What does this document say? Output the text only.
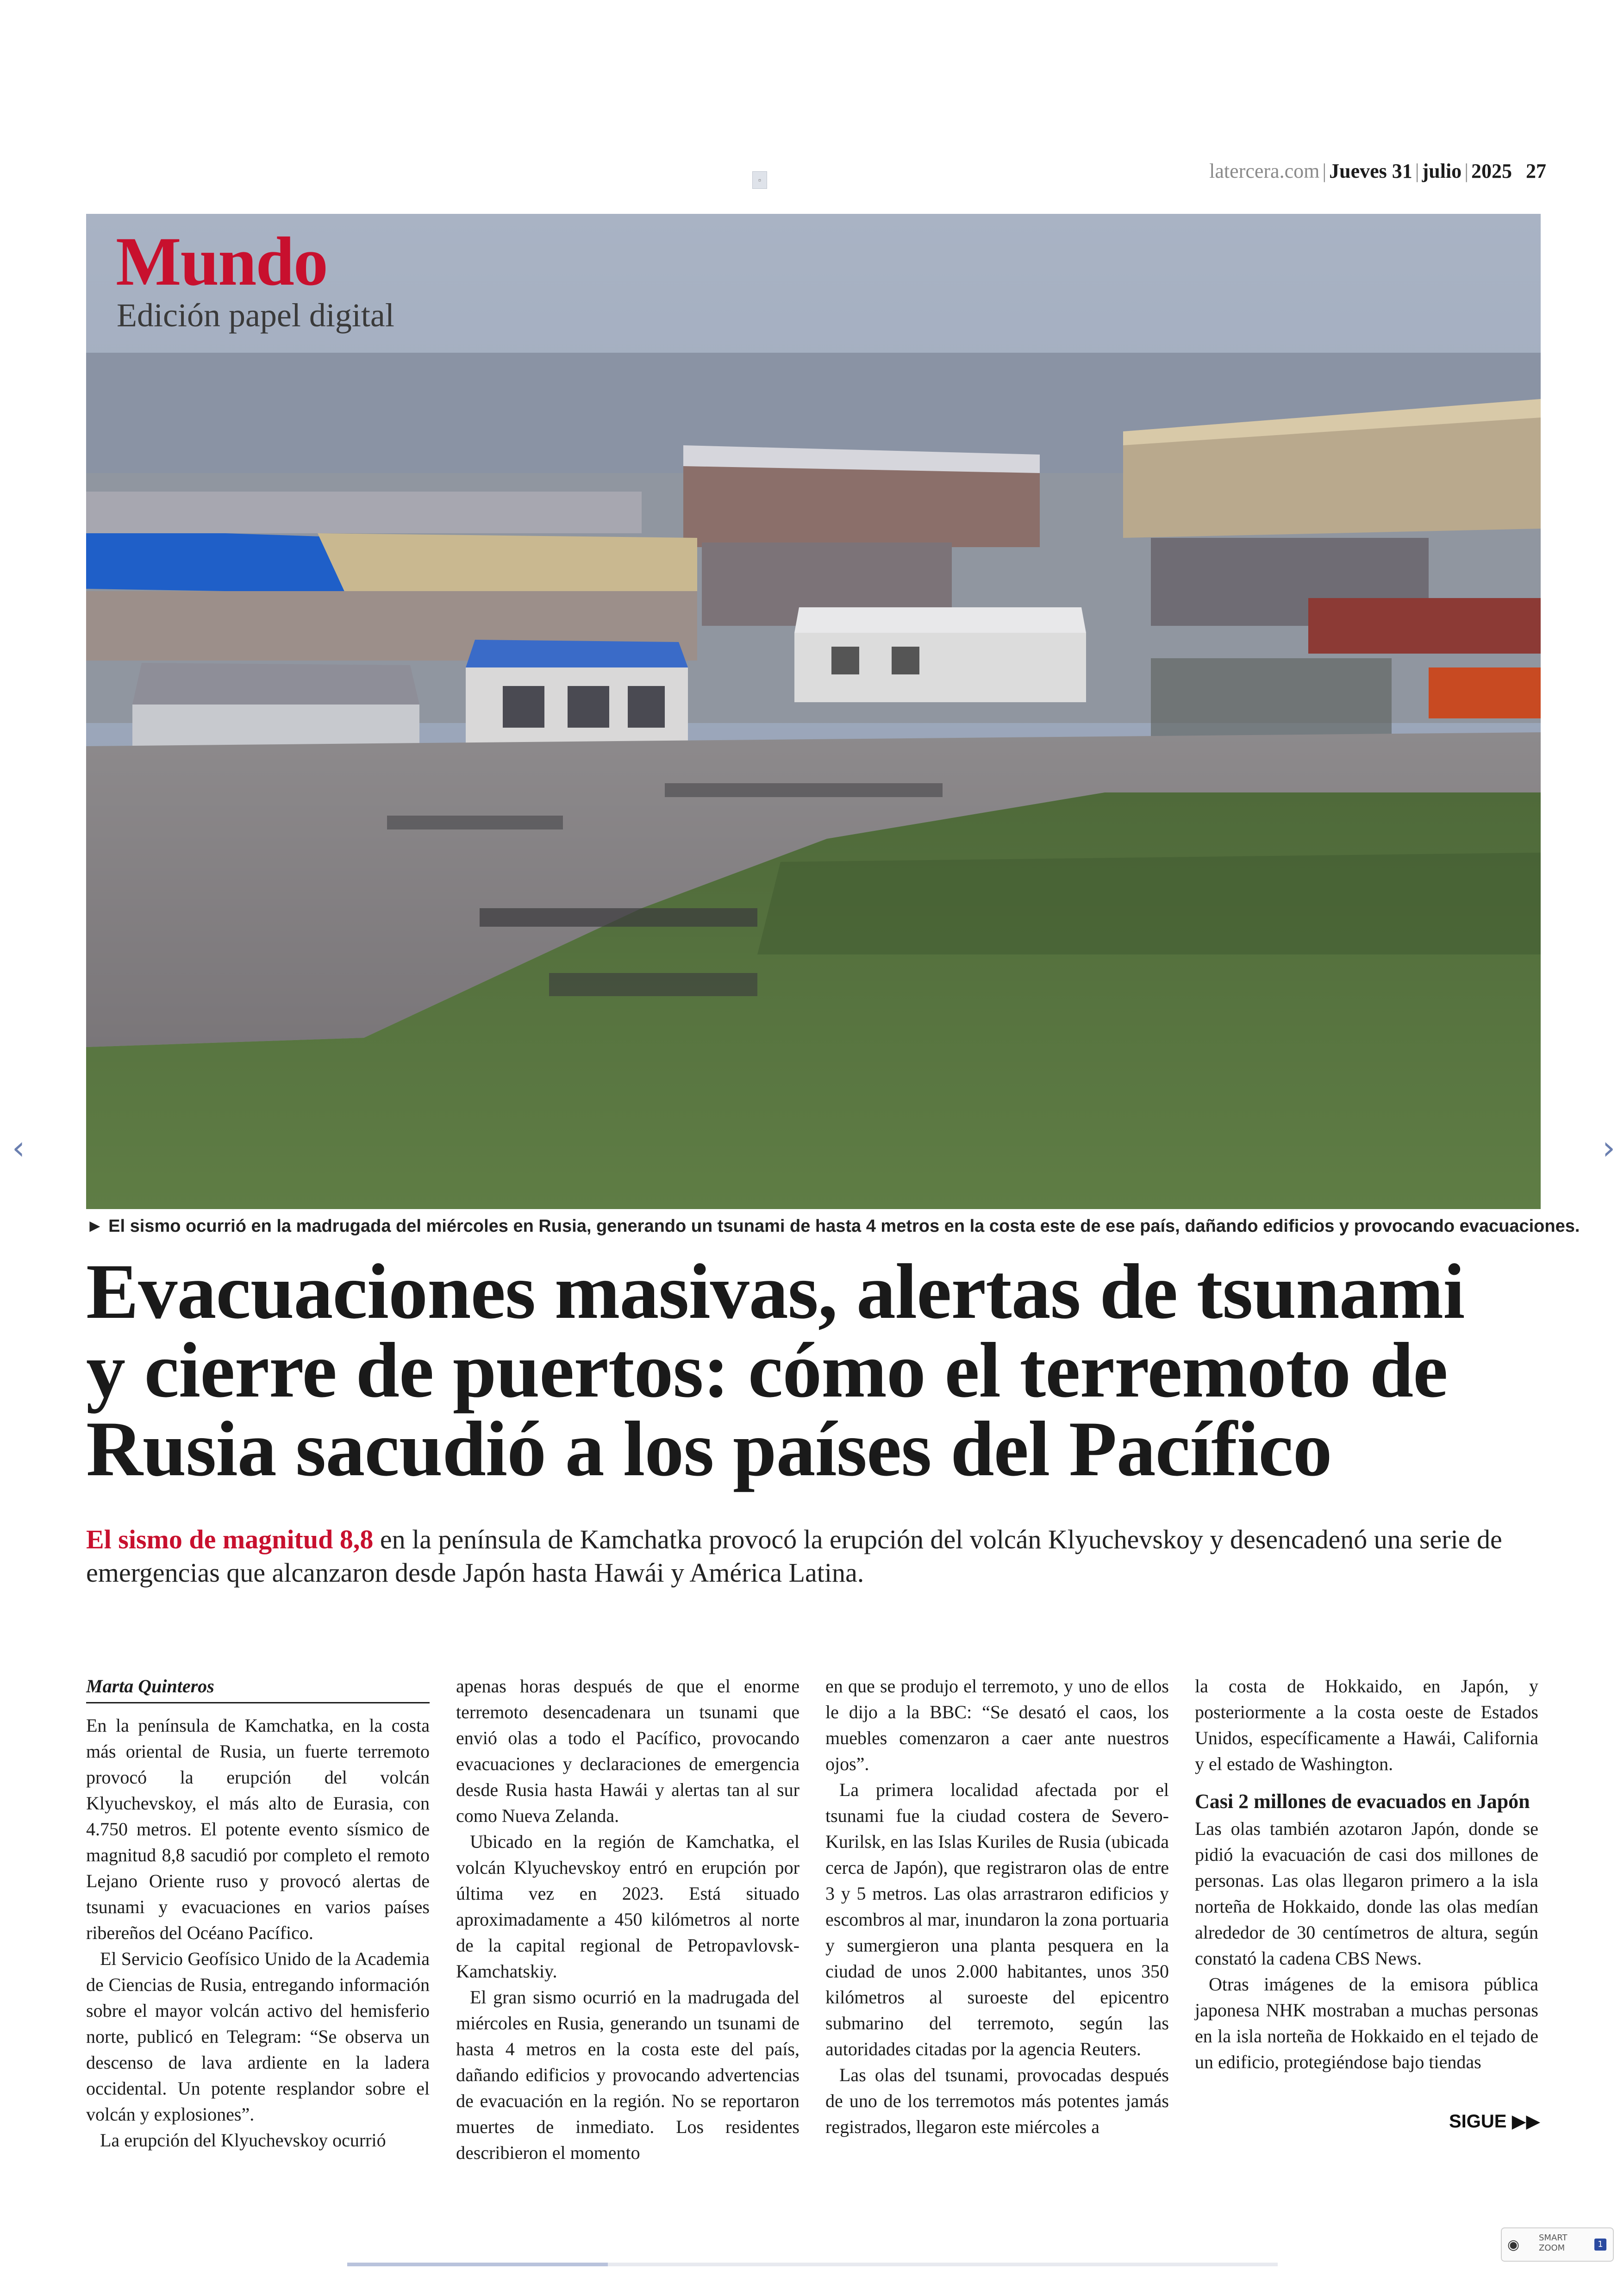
▫	latercera.com | Jueves 31 | julio | 2025 27
Mundo
Edición papel digital
► El sismo ocurrió en la madrugada del miércoles en Rusia, generando un tsunami de hasta 4 metros en la costa este de ese país, dañando edificios y provocando evacuaciones.
Evacuaciones masivas, alertas de tsunami
y cierre de puertos: cómo el terremoto de
Rusia sacudió a los países del Pacífico
El sismo de magnitud 8,8 en la península de Kamchatka provocó la erupción del volcán Klyuchevskoy y desencadenó una serie de emergencias que alcanzaron desde Japón hasta Hawái y América Latina.
Marta Quinteros

En la península de Kamchatka, en la costa más oriental de Rusia, un fuerte terremoto provocó la erupción del volcán Klyuchevskoy, el más alto de Eurasia, con 4.750 metros. El potente evento sísmico de magnitud 8,8 sacudió por completo el remoto Lejano Oriente ruso y provocó alertas de tsunami y evacuaciones en varios países ribereños del Océano Pacífico.

El Servicio Geofísico Unido de la Academia de Ciencias de Rusia, entregando información sobre el mayor volcán activo del hemisferio norte, publicó en Telegram: “Se observa un descenso de lava ardiente en la ladera occidental. Un potente resplandor sobre el volcán y explosiones”.

La erupción del Klyuchevskoy ocurrió

apenas horas después de que el enorme terremoto desencadenara un tsunami que envió olas a todo el Pacífico, provocando evacuaciones y declaraciones de emergencia desde Rusia hasta Hawái y alertas tan al sur como Nueva Zelanda.

Ubicado en la región de Kamchatka, el volcán Klyuchevskoy entró en erupción por última vez en 2023. Está situado aproximadamente a 450 kilómetros al norte de la capital regional de Petropavlovsk-Kamchatskiy.

El gran sismo ocurrió en la madrugada del miércoles en Rusia, generando un tsunami de hasta 4 metros en la costa este del país, dañando edificios y provocando advertencias de evacuación en la región. No se reportaron muertes de inmediato. Los residentes describieron el momento

en que se produjo el terremoto, y uno de ellos le dijo a la BBC: “Se desató el caos, los muebles comenzaron a caer ante nuestros ojos”.

La primera localidad afectada por el tsunami fue la ciudad costera de Severo-Kurilsk, en las Islas Kuriles de Rusia (ubicada cerca de Japón), que registraron olas de entre 3 y 5 metros. Las olas arrastraron edificios y escombros al mar, inundaron la zona portuaria y sumergieron una planta pesquera en la ciudad de unos 2.000 habitantes, unos 350 kilómetros al suroeste del epicentro submarino del terremoto, según las autoridades citadas por la agencia Reuters.

Las olas del tsunami, provocadas después de uno de los terremotos más potentes jamás registrados, llegaron este miércoles a

la costa de Hokkaido, en Japón, y posteriormente a la costa oeste de Estados Unidos, específicamente a Hawái, California y el estado de Washington.

Casi 2 millones de evacuados en Japón

Las olas también azotaron Japón, donde se pidió la evacuación de casi dos millones de personas. Las olas llegaron primero a la isla norteña de Hokkaido, donde las olas medían alrededor de 30 centímetros de altura, según constató la cadena CBS News.

Otras imágenes de la emisora pública japonesa NHK mostraban a muchas personas en la isla norteña de Hokkaido en el tejado de un edificio, protegiéndose bajo tiendas

SIGUE ▶▶
‹	›
◉ SMART ZOOM	1
